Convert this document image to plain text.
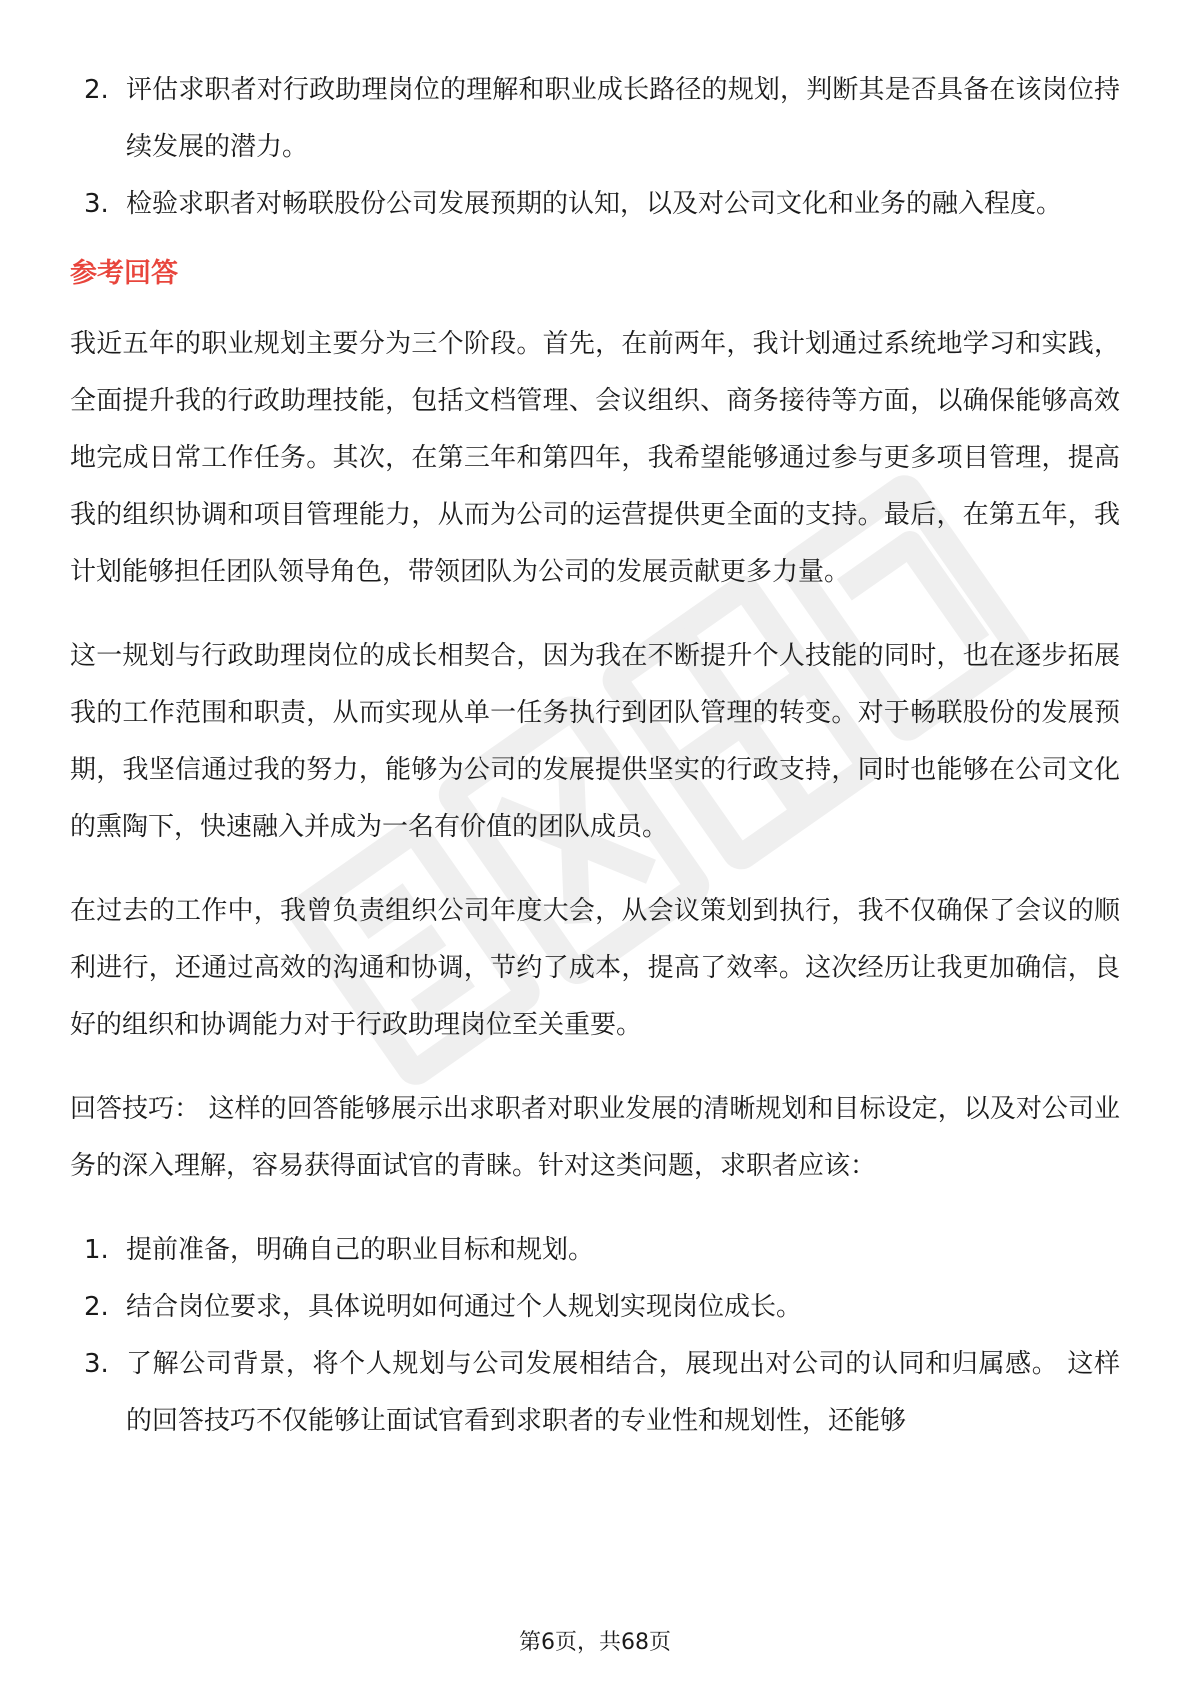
2. 评估求职者对行政助理岗位的理解和职业成长路径的规划，判断其是否具备在该岗位持续发展的潜力。
3. 检验求职者对畅联股份公司发展预期的认知，以及对公司文化和业务的融入程度。
参考回答

我近五年的职业规划主要分为三个阶段。首先，在前两年，我计划通过系统地学习和实践，全面提升我的行政助理技能，包括文档管理、会议组织、商务接待等方面，以确保能够高效地完成日常工作任务。其次，在第三年和第四年，我希望能够通过参与更多项目管理，提高我的组织协调和项目管理能力，从而为公司的运营提供更全面的支持。最后，在第五年，我计划能够担任团队领导角色，带领团队为公司的发展贡献更多力量。

这一规划与行政助理岗位的成长相契合，因为我在不断提升个人技能的同时，也在逐步拓展我的工作范围和职责，从而实现从单一任务执行到团队管理的转变。对于畅联股份的发展预期，我坚信通过我的努力，能够为公司的发展提供坚实的行政支持，同时也能够在公司文化的熏陶下，快速融入并成为一名有价值的团队成员。

在过去的工作中，我曾负责组织公司年度大会，从会议策划到执行，我不仅确保了会议的顺利进行，还通过高效的沟通和协调，节约了成本，提高了效率。这次经历让我更加确信，良好的组织和协调能力对于行政助理岗位至关重要。

回答技巧： 这样的回答能够展示出求职者对职业发展的清晰规划和目标设定，以及对公司业务的深入理解，容易获得面试官的青睐。针对这类问题，求职者应该：

1. 提前准备，明确自己的职业目标和规划。
2. 结合岗位要求，具体说明如何通过个人规划实现岗位成长。
3. 了解公司背景，将个人规划与公司发展相结合，展现出对公司的认同和归属感。 这样的回答技巧不仅能够让面试官看到求职者的专业性和规划性，还能够
第6页，共68页
